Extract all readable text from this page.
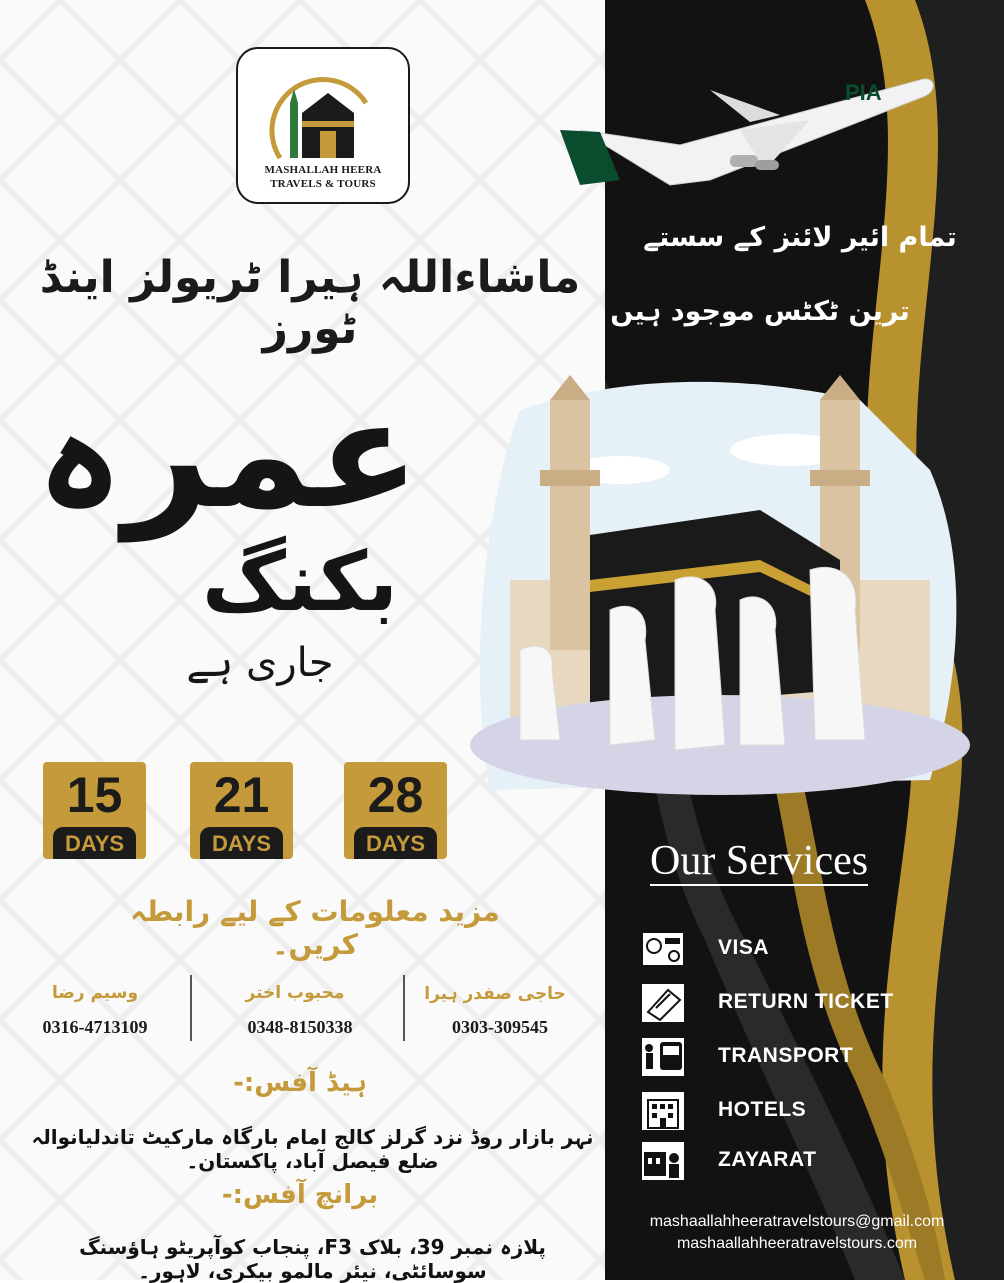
MASHALLAH HEERA
TRAVELS & TOURS
ماشاءاللہ ہیرا ٹریولز اینڈ ٹورز
PIA
تمام ائیر لائنز کے سستے
ترین ٹکٹس موجود ہیں
عمرہ
بکنگ
جاری ہے
15
DAYS
21
DAYS
28
DAYS
مزید معلومات کے لیے رابطہ کریں۔
حاجی صفدر ہیرا
0303-309545
محبوب اختر
0348-8150338
وسیم رضا
0316-4713109
ہیڈ آفس:-
نہر بازار روڈ نزد گرلز کالج امام بارگاہ مارکیٹ تاندلیانوالہ ضلع فیصل آباد، پاکستان۔
برانچ آفس:-
پلازہ نمبر 39، بلاک F3، پنجاب کوآپریٹو ہاؤسنگ سوسائٹی، نیئر مالمو بیکری، لاہور۔
Our Services
VISA
RETURN TICKET
TRANSPORT
HOTELS
ZAYARAT
mashaallahheeratravelstours@gmail.com
mashaallahheeratravelstours.com
